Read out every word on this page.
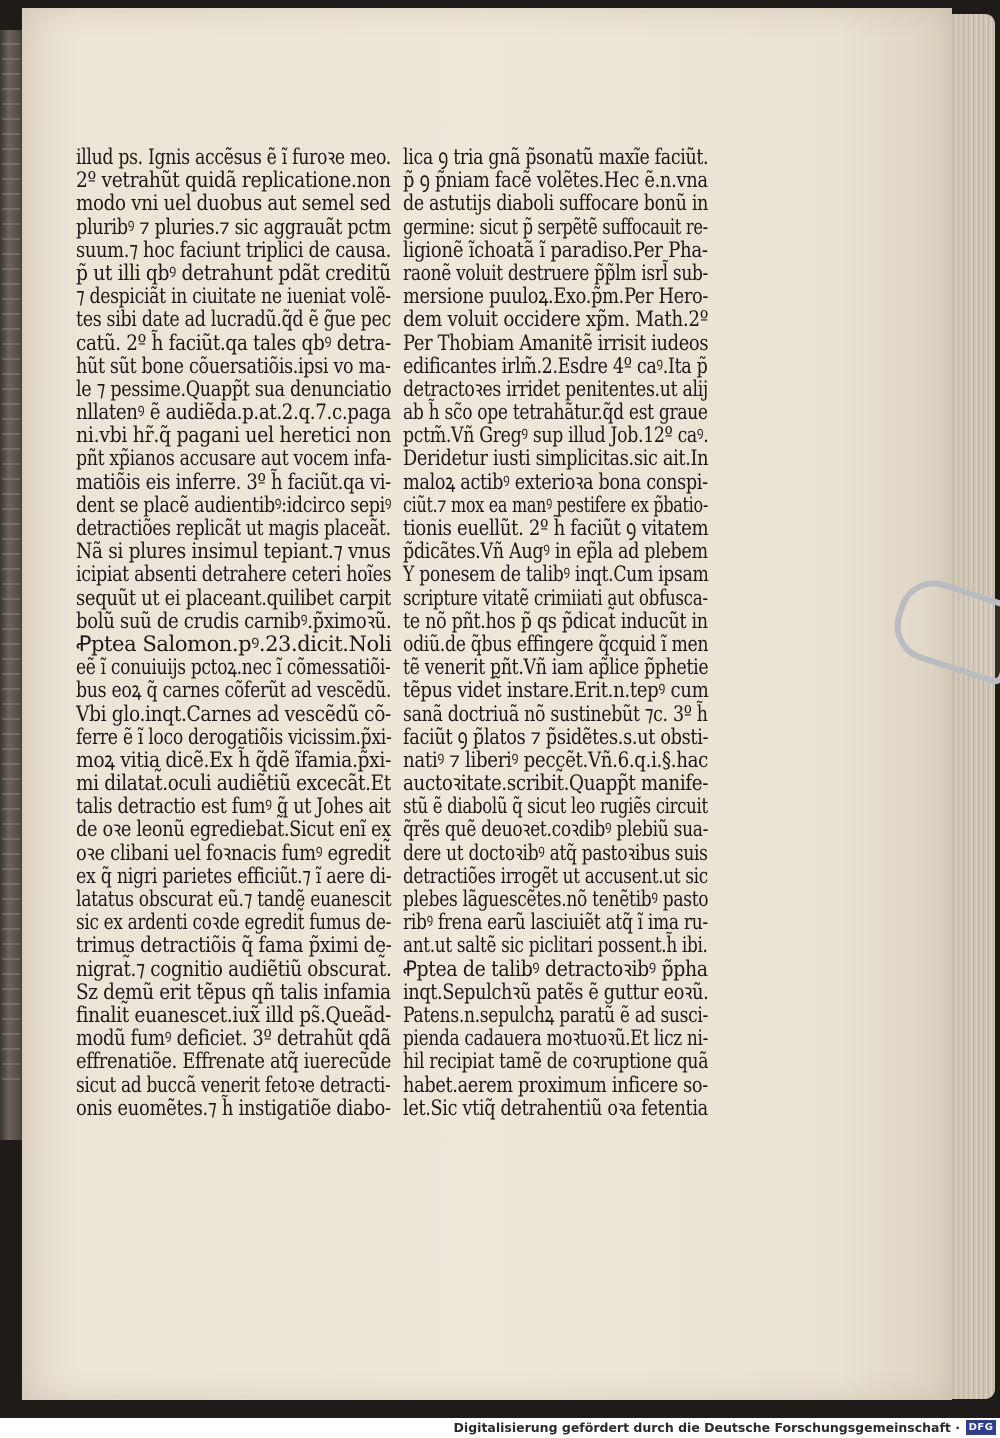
illud ps. Ignis accẽsus ẽ ĩ furoꝛe meo.
2º vetrahũt quidã replicatione.non
modo vni uel duobus aut semel sed
pluribꝰ ⁊ pluries.⁊ sic aggrauãt pctm
suum.⁊ hoc faciunt triplici de causa.
p̃ ut illi qbꝰ detrahunt pdãt creditũ
⁊ despiciãt in ciuitate ne iueniat volẽ-
tes sibi date ad lucradũ.q̃d ẽ g̃ue pec
catũ. 2º h̃ faciũt.qa tales qbꝰ detra-
hũt sũt bone cõuersatiõis.ipsi vo ma-
le ⁊ pessime.Quapp̃t sua denunciatio
nllatenꝰ ẽ audiẽda.p.at.2.q.7.c.paga
ni.vbi hr̃.q̃ pagani uel heretici non
pñt xp̃ianos accusare aut vocem infa-
matiõis eis inferre. 3º h̃ faciũt.qa vi-
dent se placẽ audientibꝰ:idcirco sepiꝰ
detractiões replicãt ut magis placeãt.
Nã si plures insimul tepiant.⁊ vnus
icipiat absenti detrahere ceteri hoĩes
sequũt ut ei placeant.quilibet carpit
bolũ suũ de crudis carnibꝰ.p̃ximoꝛũ.
Ꝓptea Salomon.pꝰ.23.dicit.Noli
eẽ ĩ conuiuijs pctoꝝ.nec ĩ cõmessatiõi-
bus eoꝝ q̃ carnes cõferũt ad vescẽdũ.
Vbi glo.inqt.Carnes ad vescẽdũ cõ-
ferre ẽ ĩ loco derogatiõis vicissim.p̃xi-
moꝝ vitia dicẽ.Ex h̃ q̃dẽ ĩfamia.p̃xi-
mi dilatat̃.oculi audiẽtiũ excecãt.Et
talis detractio est fumꝰ q̃ ut Johes ait
de oꝛe leonũ egrediebat̃.Sicut enĩ ex
oꝛe clibani uel foꝛnacis fumꝰ egredit̃
ex q̃ nigri parietes efficiũt.⁊ ĩ aere di-
latatus obscurat eũ.⁊ tandẽ euanescit
sic ex ardenti coꝛde egredit̃ fumus de-
trimus detractiõis q̃ fama p̃ximi de-
nigrat̃.⁊ cognitio audiẽtiũ obscurat̃.
Sz demũ erit tẽpus qñ talis infamia
finalit̃ euanescet.iux̃ illd ps̃.Queãd-
modũ fumꝰ deficiet. 3º detrahũt qdã
effrenatiõe. Effrenate atq̃ iuerecũde
sicut ad buccã venerit fetoꝛe detracti-
onis euomẽtes.⁊ h̃ instigatiõe diabo-
lica ꝯ tria gnã p̃sonatũ maxĩe faciũt.
p̃ ꝯ p̃niam facẽ volẽtes.Hec ẽ.n.vna
de astutijs diaboli suffocare bonũ in
germine: sicut p̃ serpẽtẽ suffocauit re-
ligionẽ ĩchoatã ĩ paradiso.Per Pha-
raonẽ voluit destruere p̃p̃lm isrl̃ sub-
mersione puuloꝝ.Exo.p̃m.Per Hero-
dem voluit occidere xp̃m. Math.2º
Per Thobiam Amanitẽ irrisit iudeos
edificantes irlm̃.2.Esdre 4º caꝰ.Ita p̃
detractoꝛes irridet penitentes.ut alij
ab h̃ sc̃o ope tetrahãtur.q̃d est graue
pctm̃.Vñ Gregꝰ sup illud Job.12º caꝰ.
Deridetur iusti simplicitas.sic ait.In
maloꝝ actibꝰ exterioꝛa bona conspi-
ciũt.⁊ mox ea manꝰ pestifere ex p̃batio-
tionis euellũt. 2º h̃ faciũt ꝯ vitatem
p̃dicãtes.Vñ Augꝰ in ep̃la ad plebem
Y ponesem de talibꝰ inqt.Cum ipsam
scripture vitatẽ crimiiati aut obfusca-
te nõ pñt.hos p̃ qs p̃dicat̃ inducũt in
odiũ.de q̃bus effingere q̃cquid ĩ men
tẽ venerit pñt.Vñ iam ap̃lice p̃phetie
tẽpus videt̃ instare.Erit.n.tepꝰ cum
sanã doctriuã nõ sustinebũt ⁊c. 3º h̃
faciũt ꝯ p̃latos ⁊ p̃sidẽtes.s.ut obsti-
natiꝰ ⁊ liberiꝰ peccẽt.Vñ.6.q.i.§.hac
auctoꝛitate.scribit̃.Quapp̃t manife-
stũ ẽ diabolũ q̃ sicut leo rugiẽs circuit
q̃rẽs quẽ deuoꝛet.coꝛdibꝰ plebiũ sua-
dere ut doctoꝛibꝰ atq̃ pastoꝛibus suis
detractiões irrogẽt ut accusent.ut sic
plebes lãguescẽtes.nõ tenẽtibꝰ pasto
ribꝰ frena earũ lasciuiẽt atq̃ ĩ ima ru-
ant.ut saltẽ sic piclitari possent.h̃ ibi.
Ꝓptea de talibꝰ detractoꝛibꝰ p̃pha
inqt.Sepulchꝛũ patẽs ẽ guttur eoꝛũ.
Patens.n.sepulchꝝ paratũ ẽ ad susci-
pienda cadauera moꝛtuoꝛũ.Et licz ni-
hil recipiat tamẽ de coꝛruptione quã
habet.aerem proximum inficere so-
let.Sic vtiq̃ detrahentiũ oꝛa fetentia
Digitalisierung gefördert durch die Deutsche Forschungsgemeinschaft · DFG
